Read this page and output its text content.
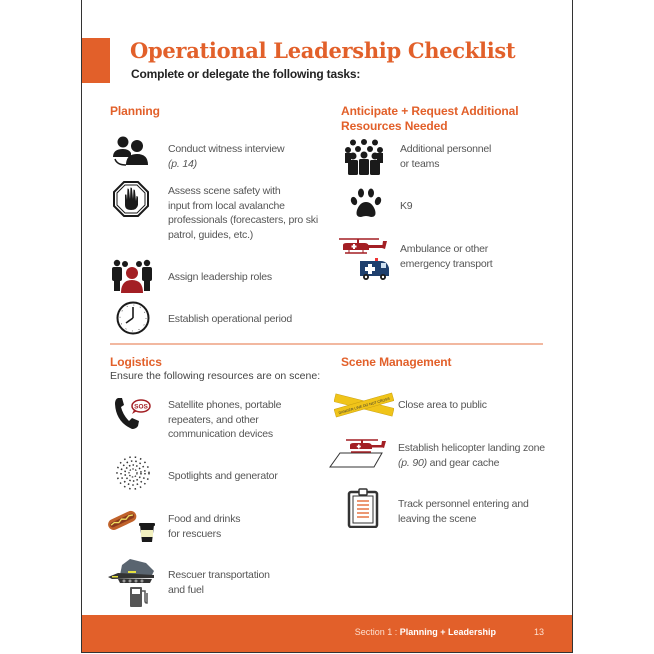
Operational Leadership Checklist
Complete or delegate the following tasks:
Planning
Conduct witness interview
(p. 14)
Assess scene safety with
input from local avalanche
professionals (forecasters, pro ski
patrol, guides, etc.)
Assign leadership roles
Establish operational period
Anticipate + Request Additional
Resources Needed
Additional personnel
or teams
K9
Ambulance or other
emergency transport
Logistics
Ensure the following resources are on scene:
SOS Satellite phones, portable
repeaters, and other
communication devices
Spotlights and generator
Food and drinks
for rescuers
Rescuer transportation
and fuel
Scene Management
DANGER LINE DO NOT CROSS Close area to public
Establish helicopter landing zone
(p. 90) and gear cache
Track personnel entering and
leaving the scene
Section 1 : Planning + Leadership	13
